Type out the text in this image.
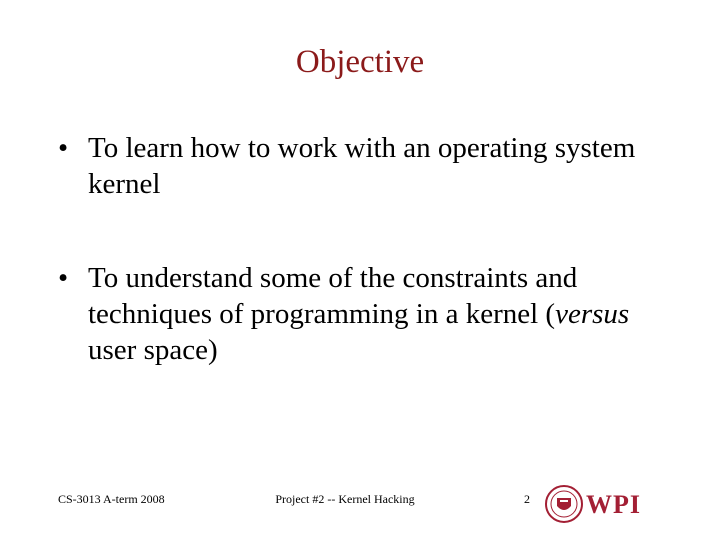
Objective
• To learn how to work with an operating system kernel
• To understand some of the constraints and techniques of programming in a kernel (versus user space)
CS-3013 A-term 2008	Project #2 -- Kernel Hacking	2 WPI
